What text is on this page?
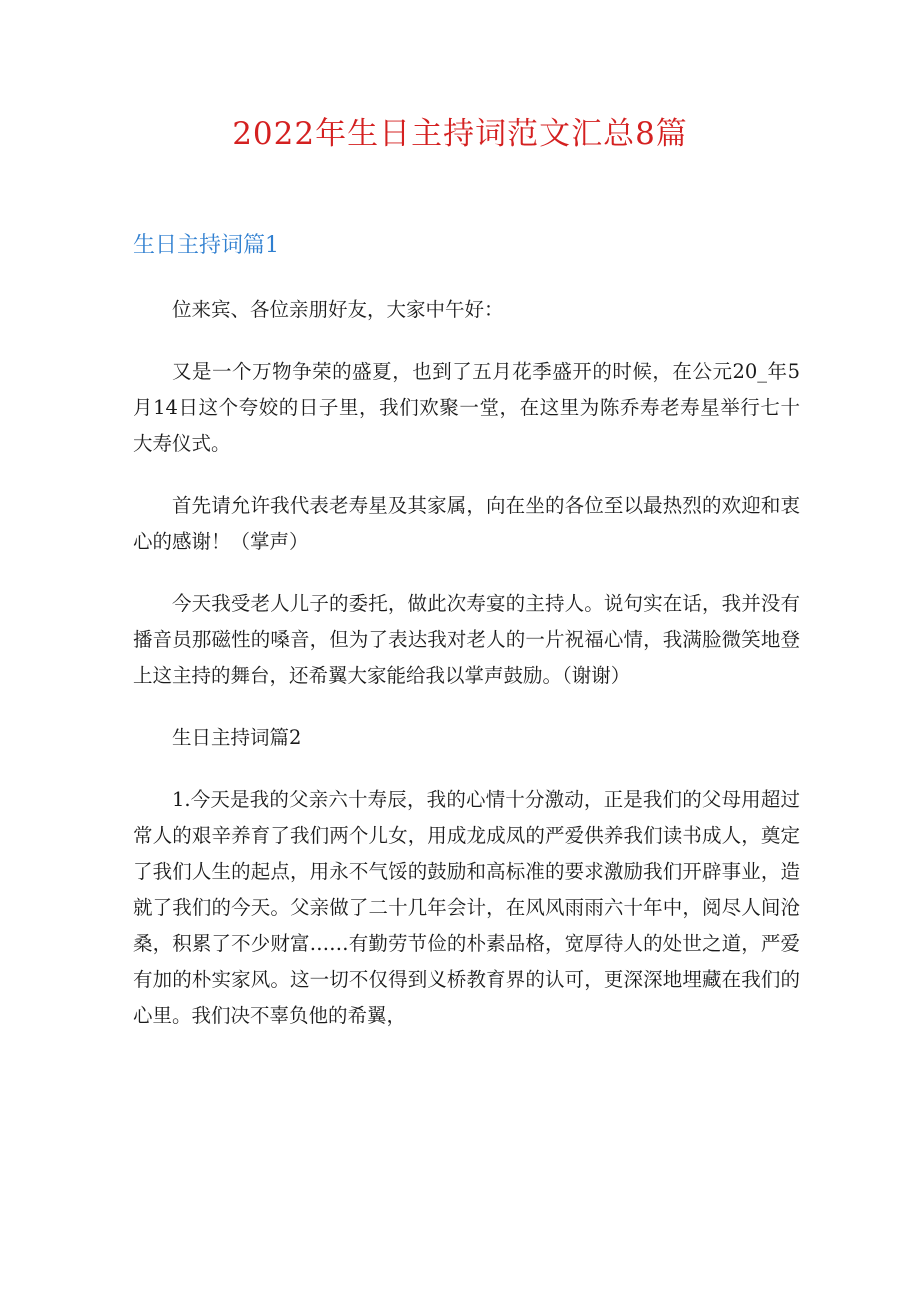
2022年生日主持词范文汇总8篇
生日主持词篇1

位来宾、各位亲朋好友，大家中午好：

又是一个万物争荣的盛夏，也到了五月花季盛开的时候，在公元20_年5月14日这个夸姣的日子里，我们欢聚一堂，在这里为陈乔寿老寿星举行七十大寿仪式。

首先请允许我代表老寿星及其家属，向在坐的各位至以最热烈的欢迎和衷心的感谢！（掌声）

今天我受老人儿子的委托，做此次寿宴的主持人。说句实在话，我并没有播音员那磁性的嗓音，但为了表达我对老人的一片祝福心情，我满脸微笑地登上这主持的舞台，还希翼大家能给我以掌声鼓励。（谢谢）

生日主持词篇2

1.今天是我的父亲六十寿辰，我的心情十分激动，正是我们的父母用超过常人的艰辛养育了我们两个儿女，用成龙成凤的严爱供养我们读书成人，奠定了我们人生的起点，用永不气馁的鼓励和高标准的要求激励我们开辟事业，造就了我们的今天。父亲做了二十几年会计，在风风雨雨六十年中，阅尽人间沧桑，积累了不少财富……有勤劳节俭的朴素品格，宽厚待人的处世之道，严爱有加的朴实家风。这一切不仅得到义桥教育界的认可，更深深地埋藏在我们的心里。我们决不辜负他的希翼，
